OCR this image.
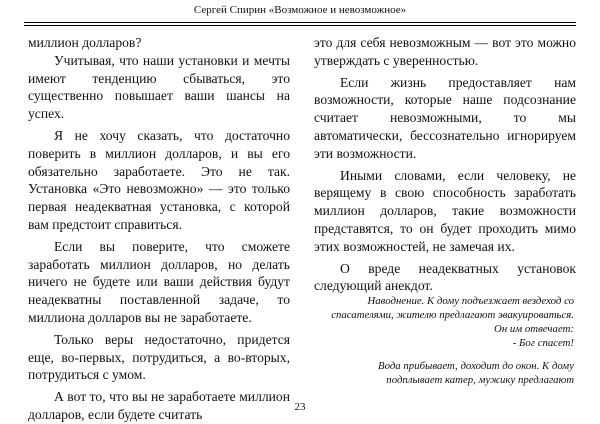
Сергей Спирин «Возможное и невозможное»

миллион долларов?

Учитывая, что наши установки и мечты имеют тенденцию сбываться, это существенно повышает ваши шансы на успех.

Я не хочу сказать, что достаточно поверить в миллион долларов, и вы его обязательно заработаете. Это не так. Установка «Это невозможно» — это только первая неадекватная установка, с которой вам предстоит справиться.

Если вы поверите, что сможете заработать миллион долларов, но делать ничего не будете или ваши действия будут неадекватны поставленной задаче, то миллиона долларов вы не заработаете.

Только веры недостаточно, придется еще, во-первых, потрудиться, а во-вторых, потрудиться с умом.

А вот то, что вы не заработаете миллион долларов, если будете считать

это для себя невозможным — вот это можно утверждать с уверенностью.

Если жизнь предоставляет нам возможности, которые наше подсознание считает невозможными, то мы автоматически, бессознательно игнорируем эти возможности.

Иными словами, если человеку, не верящему в свою способность заработать миллион долларов, такие возможности представятся, то он будет проходить мимо этих возможностей, не замечая их.

О вреде неадекватных установок следующий анекдот.

Наводнение. К дому подъезжает вездеход со спасателями, жителю предлагают эвакуироваться. Он им отвечает:

- Бог спасет!

Вода прибывает, доходит до окон. К дому подплывает катер, мужику предлагают

23
